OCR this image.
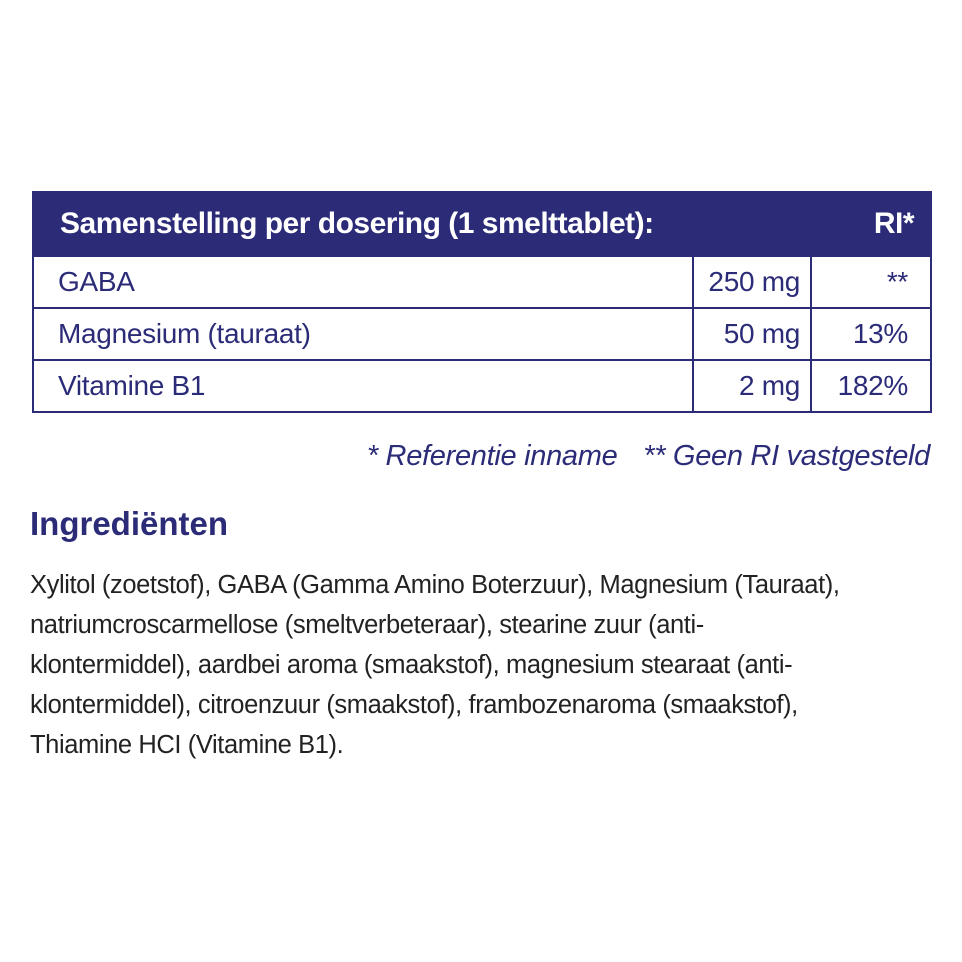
Samenstelling per dosering (1 smelttablet):		RI*
GABA	250 mg	**
Magnesium (tauraat)	50 mg	13%
Vitamine B1	2 mg	182%
* Referentie inname ** Geen RI vastgesteld
Ingrediënten

Xylitol (zoetstof), GABA (Gamma Amino Boterzuur), Magnesium (Tauraat),
natriumcroscarmellose (smeltverbeteraar), stearine zuur (anti-
klontermiddel), aardbei aroma (smaakstof), magnesium stearaat (anti-
klontermiddel), citroenzuur (smaakstof), frambozenaroma (smaakstof),
Thiamine HCI (Vitamine B1).
